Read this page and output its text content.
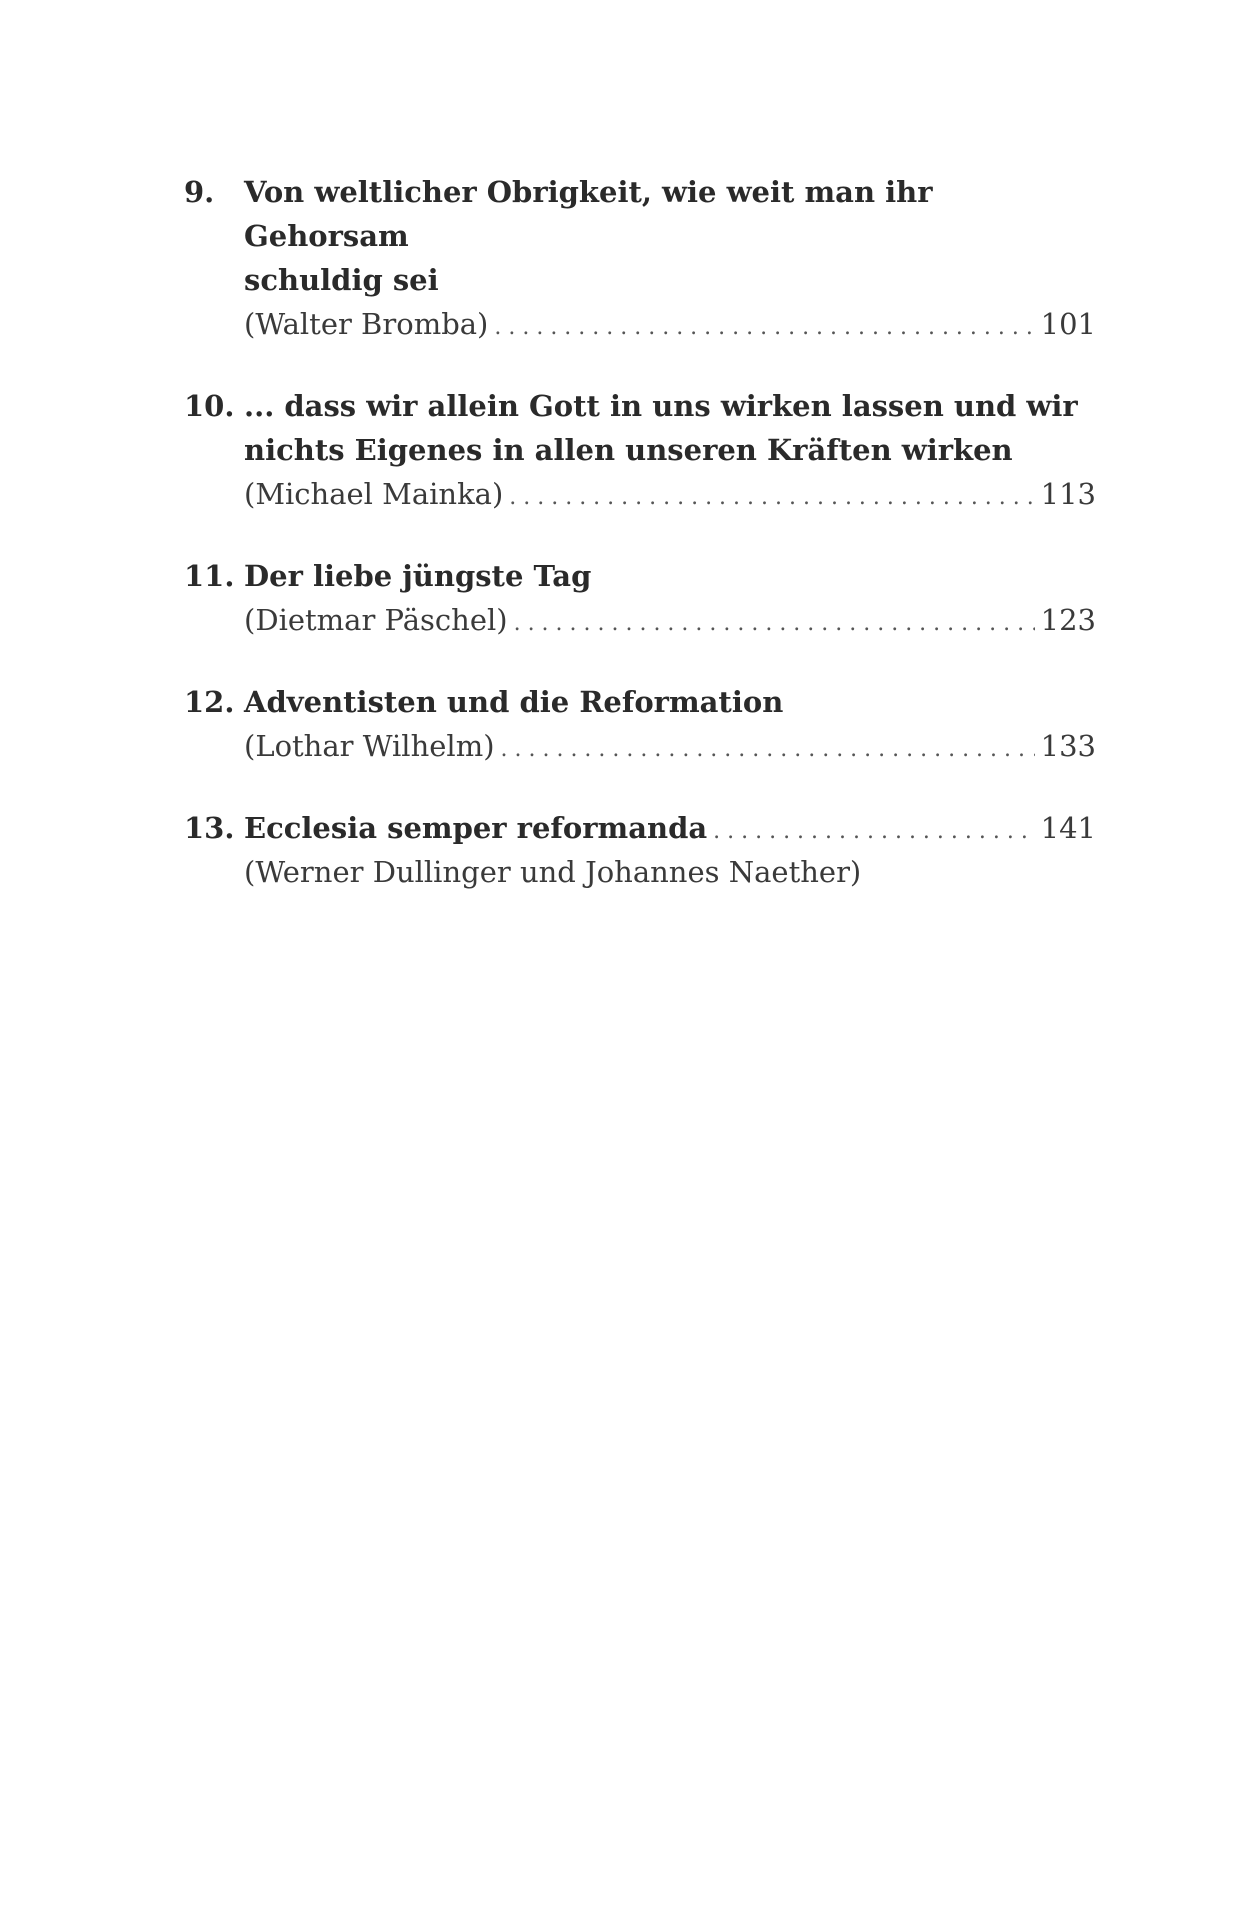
9. Von weltlicher Obrigkeit, wie weit man ihr Gehorsam
schuldig sei
(Walter Bromba) . . .	101
10. ... dass wir allein Gott in uns wirken lassen und wir
nichts Eigenes in allen unseren Kräften wirken
(Michael Mainka) . . .	113
11. Der liebe jüngste Tag
(Dietmar Päschel) . . .	123
12. Adventisten und die Reformation
(Lothar Wilhelm) . . .	133
13. Ecclesia semper reformanda . . .	141
(Werner Dullinger und Johannes Naether)
